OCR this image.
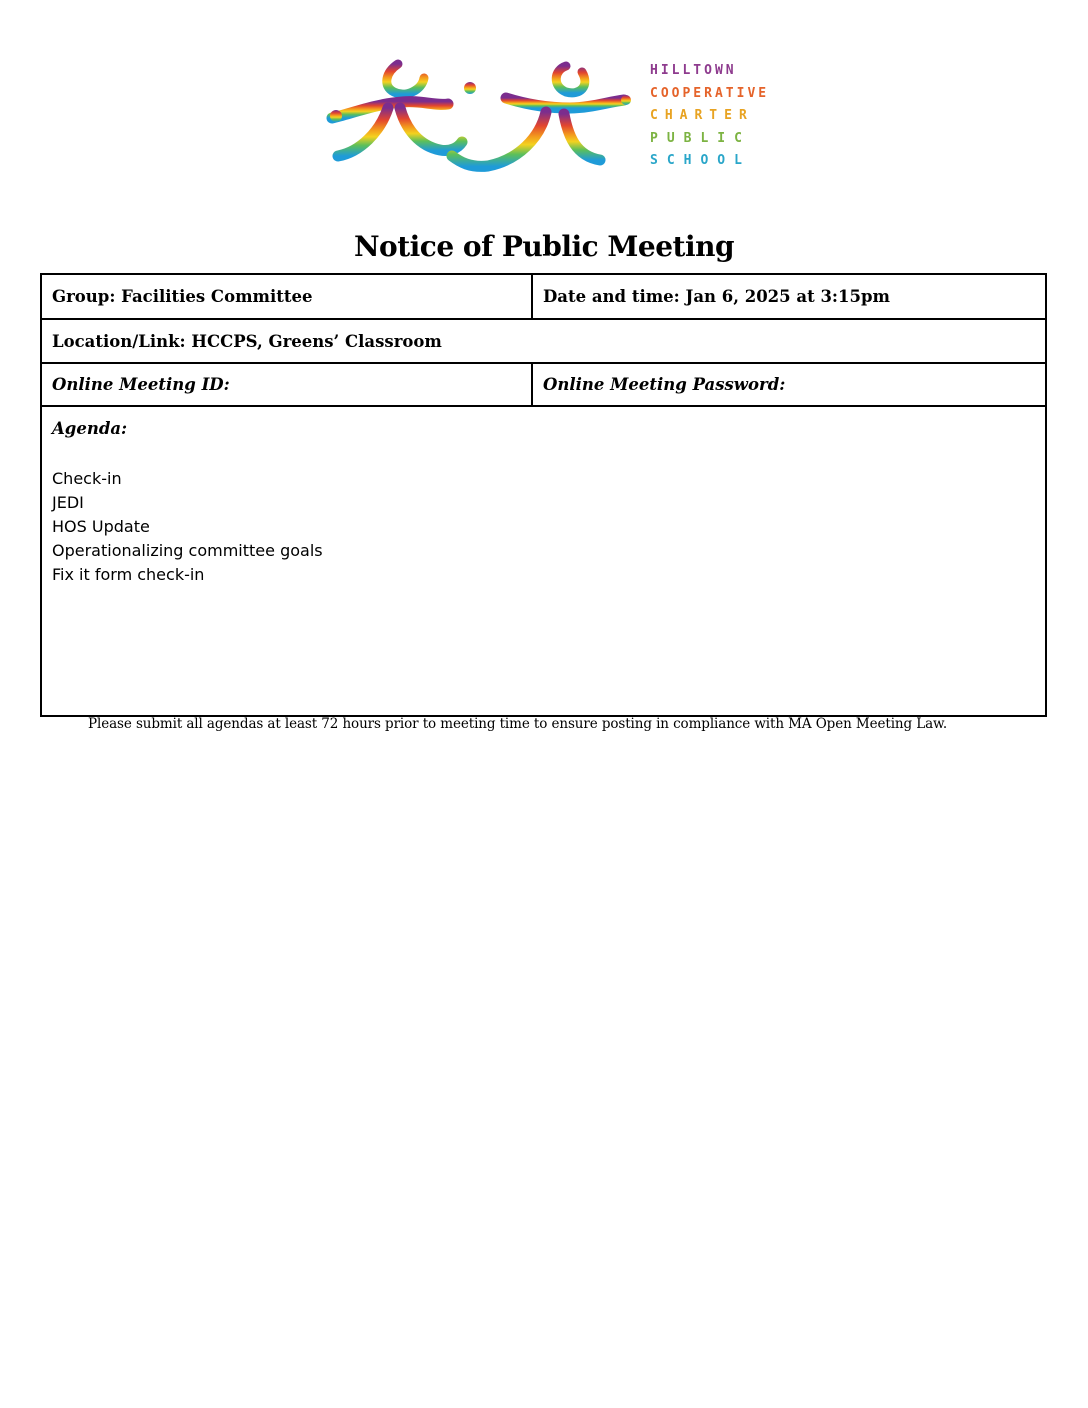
HILLTOWN
COOPERATIVE
CHARTER
PUBLIC
SCHOOL
Notice of Public Meeting
Group: Facilities Committee	Date and time: Jan 6, 2025 at 3:15pm
Location/Link: HCCPS, Greens’ Classroom
Online Meeting ID:	Online Meeting Password:
Agenda:
Check-in
JEDI
HOS Update
Operationalizing committee goals
Fix it form check-in
Please submit all agendas at least 72 hours prior to meeting time to ensure posting in compliance with MA Open Meeting Law.
